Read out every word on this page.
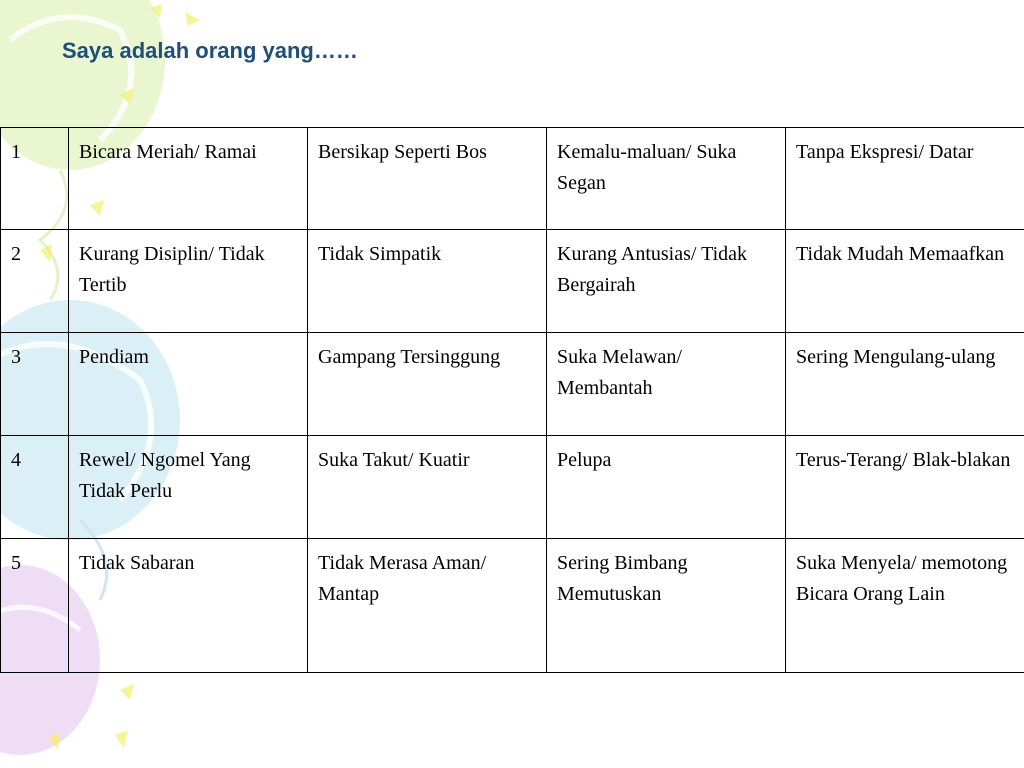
Saya adalah orang yang……
1	Bicara Meriah/ Ramai	Bersikap Seperti Bos	Kemalu-maluan/ Suka Segan	Tanpa Ekspresi/ Datar
2	Kurang Disiplin/ Tidak Tertib	Tidak Simpatik	Kurang Antusias/ Tidak Bergairah	Tidak Mudah Memaafkan
3	Pendiam	Gampang Tersinggung	Suka Melawan/ Membantah	Sering Mengulang-ulang
4	Rewel/ Ngomel Yang Tidak Perlu	Suka Takut/ Kuatir	Pelupa	Terus-Terang/ Blak-blakan
5	Tidak Sabaran	Tidak Merasa Aman/ Mantap	Sering Bimbang Memutuskan	Suka Menyela/ memotong Bicara Orang Lain
